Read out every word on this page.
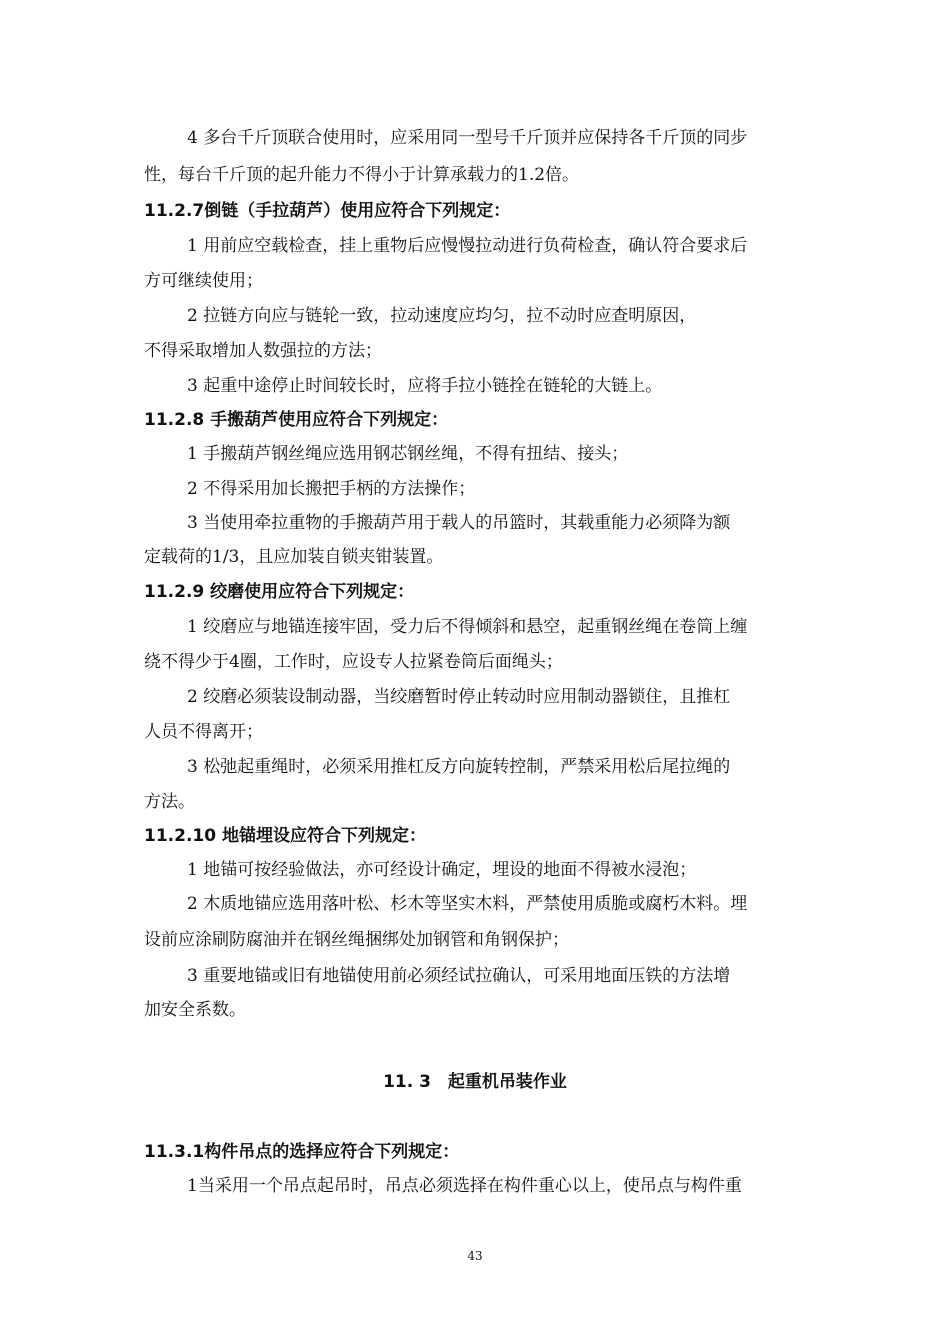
4 多台千斤顶联合使用时，应采用同一型号千斤顶并应保持各千斤顶的同步
性，每台千斤顶的起升能力不得小于计算承载力的1.2倍。
11.2.7倒链（手拉葫芦）使用应符合下列规定：
1 用前应空载检查，挂上重物后应慢慢拉动进行负荷检查，确认符合要求后
方可继续使用；
2 拉链方向应与链轮一致，拉动速度应均匀，拉不动时应查明原因，
不得采取增加人数强拉的方法；
3 起重中途停止时间较长时，应将手拉小链拴在链轮的大链上。
11.2.8 手搬葫芦使用应符合下列规定：
1 手搬葫芦钢丝绳应选用钢芯钢丝绳，不得有扭结、接头；
2 不得采用加长搬把手柄的方法操作；
3 当使用牵拉重物的手搬葫芦用于载人的吊篮时，其载重能力必须降为额
定载荷的1/3，且应加装自锁夹钳装置。
11.2.9 绞磨使用应符合下列规定：
1 绞磨应与地锚连接牢固，受力后不得倾斜和悬空，起重钢丝绳在卷筒上缠
绕不得少于4圈，工作时，应设专人拉紧卷筒后面绳头；
2 绞磨必须装设制动器，当绞磨暂时停止转动时应用制动器锁住，且推杠
人员不得离开；
3 松弛起重绳时，必须采用推杠反方向旋转控制，严禁采用松后尾拉绳的
方法。
11.2.10 地锚埋设应符合下列规定：
1 地锚可按经验做法，亦可经设计确定，埋设的地面不得被水浸泡；
2 木质地锚应选用落叶松、杉木等坚实木料，严禁使用质脆或腐朽木料。埋
设前应涂刷防腐油并在钢丝绳捆绑处加钢管和角钢保护；
3 重要地锚或旧有地锚使用前必须经试拉确认，可采用地面压铁的方法增
加安全系数。
11. 3　起重机吊装作业
11.3.1构件吊点的选择应符合下列规定：
1当采用一个吊点起吊时，吊点必须选择在构件重心以上，使吊点与构件重
43
